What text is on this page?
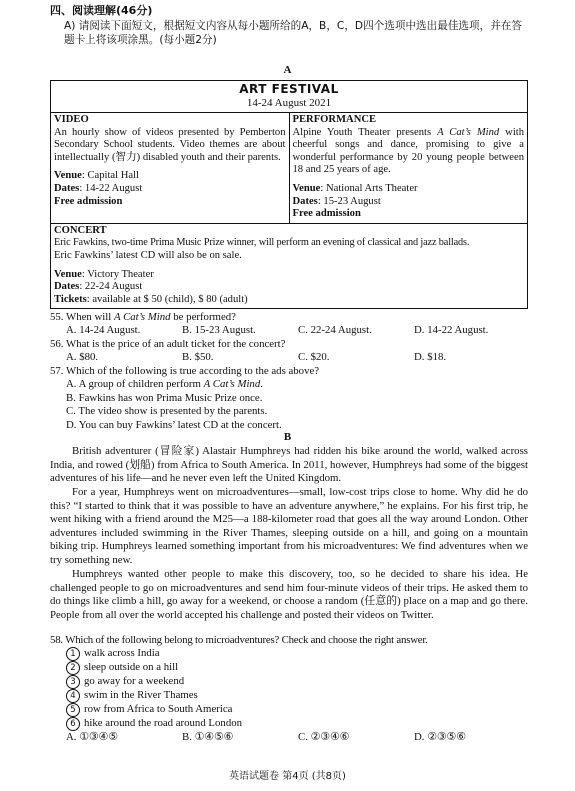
四、阅读理解(46分)
A) 请阅读下面短文，根据短文内容从每小题所给的A，B，C，D四个选项中选出最佳选项，并在答题卡上将该项涂黑。(每小题2分)
A
ART FESTIVAL
14-24 August 2021

VIDEO
An hourly show of videos presented by Pemberton Secondary School students. Video themes are about intellectually (智力) disabled youth and their parents.
Venue: Capital Hall
Dates: 14-22 August
Free admission

PERFORMANCE
Alpine Youth Theater presents A Cat’s Mind with cheerful songs and dance, promising to give a wonderful performance by 20 young people between 18 and 25 years of age.
Venue: National Arts Theater
Dates: 15-23 August
Free admission

CONCERT
Eric Fawkins, two-time Prima Music Prize winner, will perform an evening of classical and jazz ballads.
Eric Fawkins’ latest CD will also be on sale.
Venue: Victory Theater
Dates: 22-24 August
Tickets: available at $ 50 (child), $ 80 (adult)
55. When will A Cat’s Mind be performed?
A. 14-24 August.	B. 15-23 August.	C. 22-24 August.	D. 14-22 August.
56. What is the price of an adult ticket for the concert?
A. $80.	B. $50.	C. $20.	D. $18.
57. Which of the following is true according to the ads above?
A. A group of children perform A Cat’s Mind.
B. Fawkins has won Prima Music Prize once.
C. The video show is presented by the parents.
D. You can buy Fawkins’ latest CD at the concert.
B
British adventurer (冒险家) Alastair Humphreys had ridden his bike around the world, walked across India, and rowed (划船) from Africa to South America. In 2011, however, Humphreys had some of the biggest adventures of his life—and he never even left the United Kingdom.
For a year, Humphreys went on microadventures—small, low-cost trips close to home. Why did he do this? “I started to think that it was possible to have an adventure anywhere,” he explains. For his first trip, he went hiking with a friend around the M25—a 188-kilometer road that goes all the way around London. Other adventures included swimming in the River Thames, sleeping outside on a hill, and going on a mountain biking trip. Humphreys learned something important from his microadventures: We find adventures when we try something new.
Humphreys wanted other people to make this discovery, too, so he decided to share his idea. He challenged people to go on microadventures and send him four-minute videos of their trips. He asked them to do things like climb a hill, go away for a weekend, or choose a random (任意的) place on a map and go there. People from all over the world accepted his challenge and posted their videos on Twitter.
58. Which of the following belong to microadventures? Check and choose the right answer.
1 walk across India
2 sleep outside on a hill
3 go away for a weekend
4 swim in the River Thames
5 row from Africa to South America
6 hike around the road around London
A. ①③④⑤	B. ①④⑤⑥	C. ②③④⑥	D. ②③⑤⑥
英语试题卷 第4页 (共8页)
